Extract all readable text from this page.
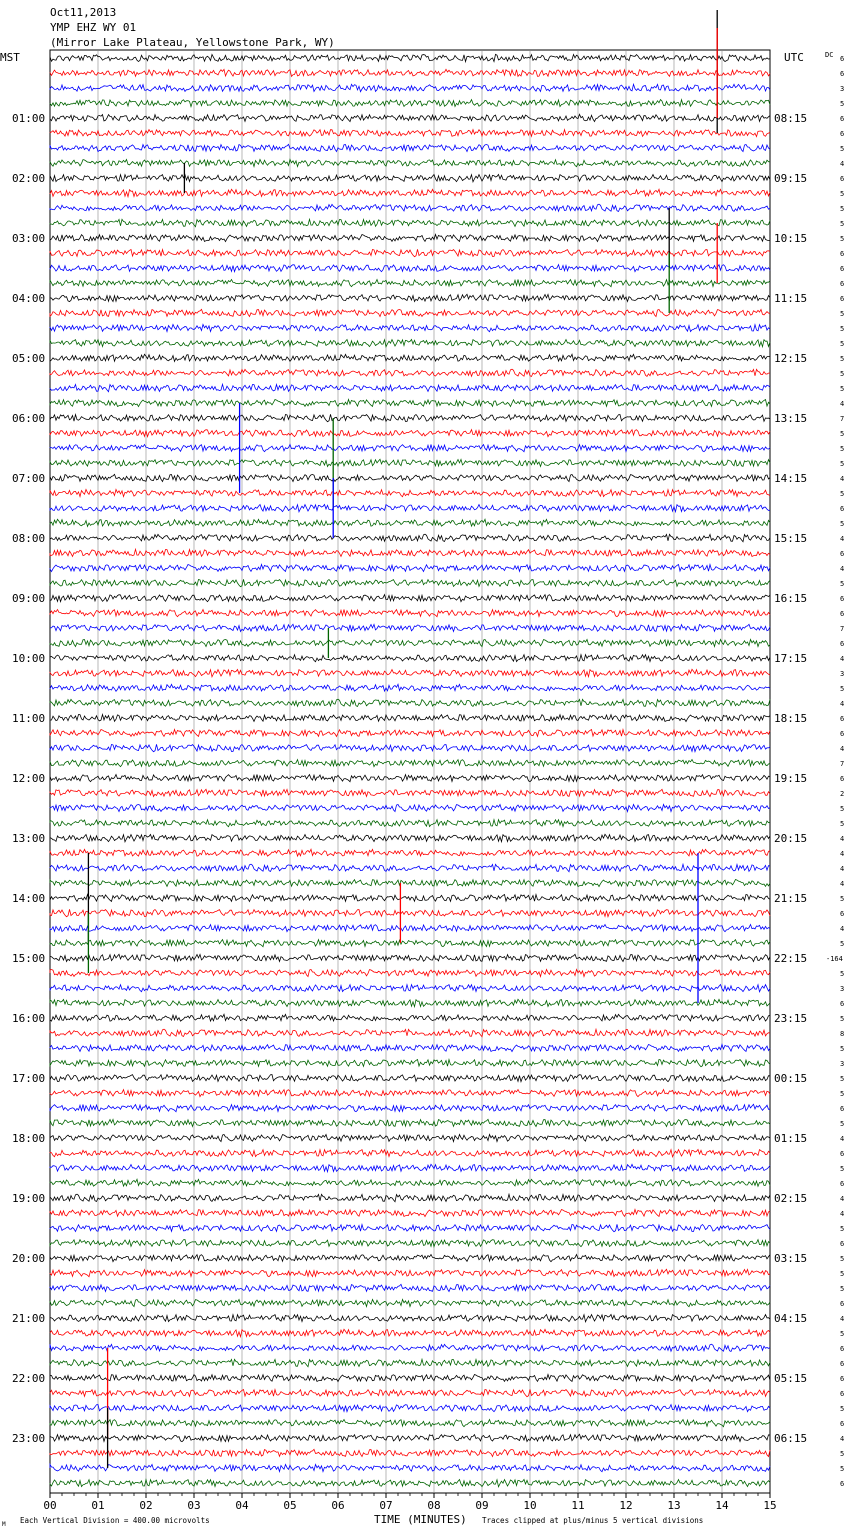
Oct11,2013
YMP EHZ WY 01
(Mirror Lake Plateau, Yellowstone Park, WY)
MST	UTC	DC
01:00
02:00
03:00
04:00
05:00
06:00
07:00
08:00
09:00
10:00
11:00
12:00
13:00
14:00
15:00
16:00
17:00
18:00
19:00
20:00
21:00
22:00
23:00
08:15
09:15
10:15
11:15
12:15
13:15
14:15
15:15
16:15
17:15
18:15
19:15
20:15
21:15
22:15
23:15
00:15
01:15
02:15
03:15
04:15
05:15
06:15
6
6
3
5
6
6
5
4
6
5
5
5
5
6
6
6
6
5
5
5
5
5
5
4
7
5
5
5
4
5
6
5
4
6
4
5
6
6
7
6
4
3
5
4
6
6
4
7
6
2
5
5
4
4
4
4
5
6
4
5
-164
5
3
6
5
8
5
3
5
5
6
5
4
6
5
6
4
4
5
6
5
5
5
6
4
5
6
6
6
6
5
6
4
5
5
6
00	01	02	03	04	05	06	07	08	09	10	11	12	13	14	15
TIME (MINUTES)
Each Vertical Division = 400.00 microvolts	Traces clipped at plus/minus 5 vertical divisions
M
